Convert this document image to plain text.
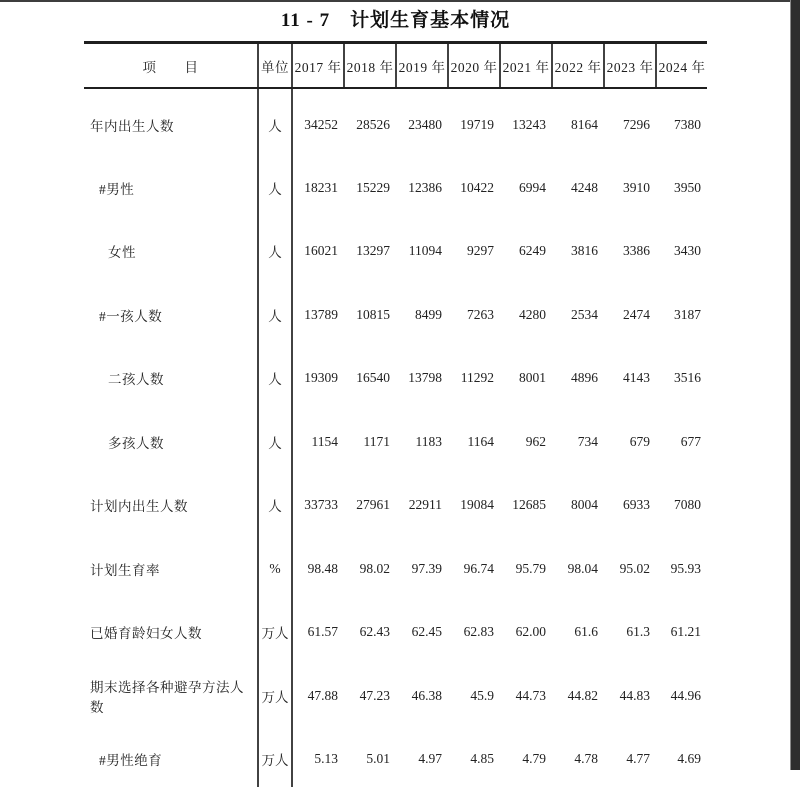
11 - 7　计划生育基本情况
项　　目	单位	2017 年	2018 年	2019 年	2020 年	2021 年	2022 年	2023 年	2024 年
年内出生人数	人	34252	28526	23480	19719	13243	8164	7296	7380
#男性	人	18231	15229	12386	10422	6994	4248	3910	3950
女性	人	16021	13297	11094	9297	6249	3816	3386	3430
#一孩人数	人	13789	10815	8499	7263	4280	2534	2474	3187
二孩人数	人	19309	16540	13798	11292	8001	4896	4143	3516
多孩人数	人	1154	1171	1183	1164	962	734	679	677
计划内出生人数	人	33733	27961	22911	19084	12685	8004	6933	7080
计划生育率	%	98.48	98.02	97.39	96.74	95.79	98.04	95.02	95.93
已婚育龄妇女人数	万人	61.57	62.43	62.45	62.83	62.00	61.6	61.3	61.21
期末选择各种避孕方法人数	万人	47.88	47.23	46.38	45.9	44.73	44.82	44.83	44.96
#男性绝育	万人	5.13	5.01	4.97	4.85	4.79	4.78	4.77	4.69
